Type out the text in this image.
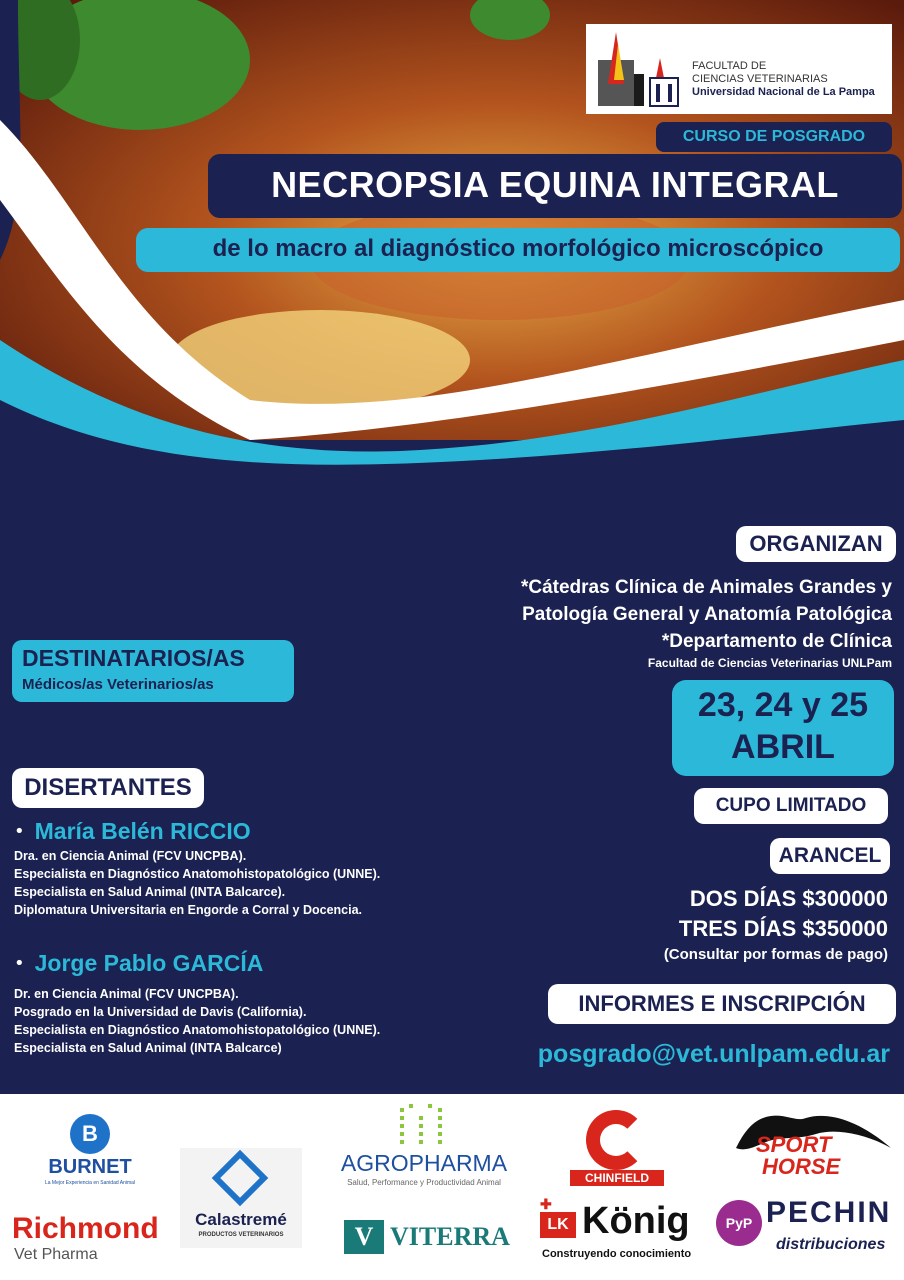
FACULTAD DE
CIENCIAS VETERINARIAS
Universidad Nacional de La Pampa
CURSO DE POSGRADO
NECROPSIA EQUINA INTEGRAL
de lo macro al diagnóstico morfológico microscópico
ORGANIZAN
*Cátedras Clínica de Animales Grandes y
Patología General y Anatomía Patológica
*Departamento de Clínica
Facultad de Ciencias Veterinarias UNLPam
DESTINATARIOS/AS
Médicos/as Veterinarios/as
23, 24 y 25
ABRIL
DISERTANTES
CUPO LIMITADO
• María Belén RICCIO
Dra. en Ciencia Animal (FCV UNCPBA).
Especialista en Diagnóstico Anatomohistopatológico (UNNE).
Especialista en Salud Animal (INTA Balcarce).
Diplomatura Universitaria en Engorde a Corral y Docencia.
ARANCEL
DOS DÍAS $300000
TRES DÍAS $350000
(Consultar por formas de pago)
• Jorge Pablo GARCÍA
Dr. en Ciencia Animal (FCV UNCPBA).
Posgrado en la Universidad de Davis (California).
Especialista en Diagnóstico Anatomohistopatológico (UNNE).
Especialista en Salud Animal (INTA Balcarce)
INFORMES E INSCRIPCIÓN
posgrado@vet.unlpam.edu.ar
B
BURNET
La Mejor Experiencia en Sanidad Animal
Calastremé
PRODUCTOS VETERINARIOS
AGROPHARMA
Salud, Performance y Productividad Animal	CHINFIELD
SPORT
HORSE
Richmond
Vet Pharma
V VITERRA
✚
LK König
Construyendo conocimiento
PyP PECHIN
distribuciones
